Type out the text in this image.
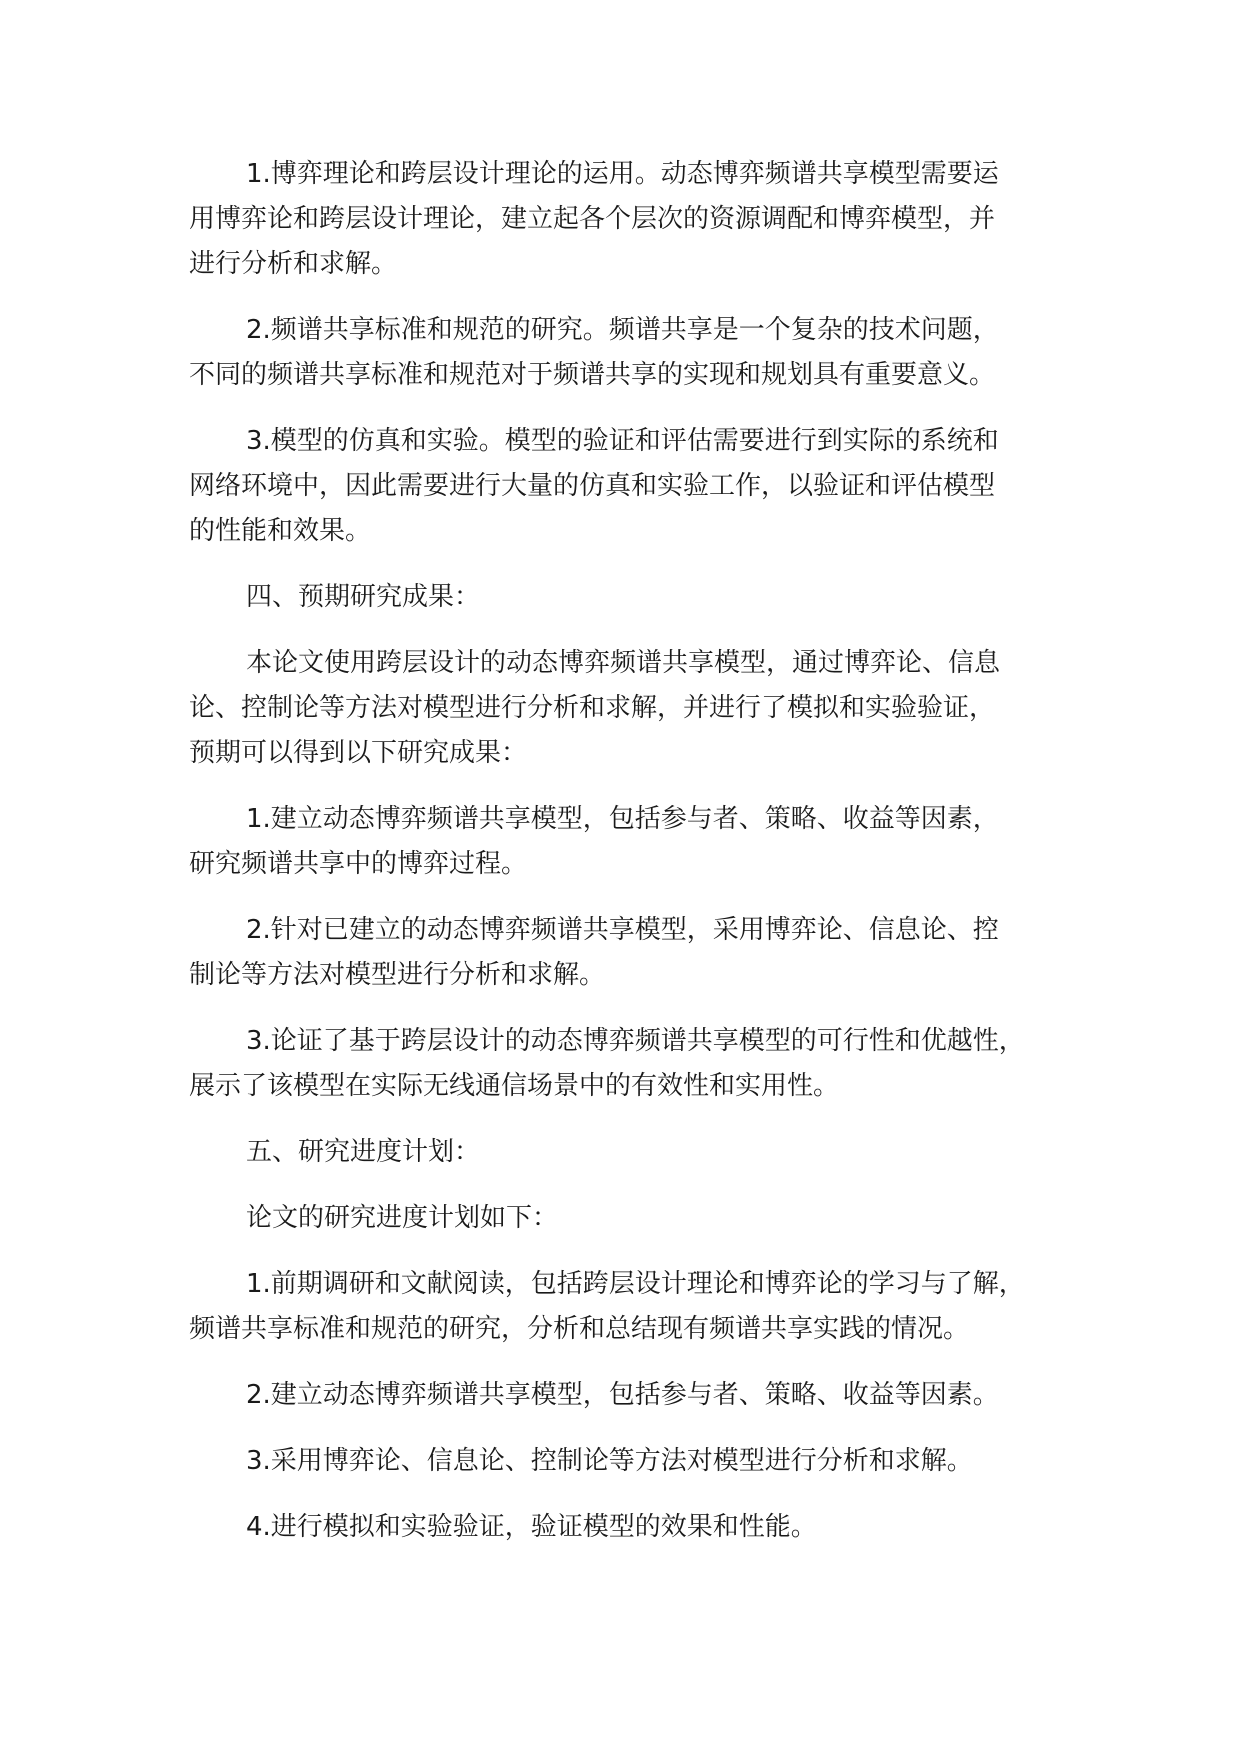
1.博弈理论和跨层设计理论的运用。动态博弈频谱共享模型需要运
用博弈论和跨层设计理论，建立起各个层次的资源调配和博弈模型，并
进行分析和求解。

2.频谱共享标准和规范的研究。频谱共享是一个复杂的技术问题，
不同的频谱共享标准和规范对于频谱共享的实现和规划具有重要意义。

3.模型的仿真和实验。模型的验证和评估需要进行到实际的系统和
网络环境中，因此需要进行大量的仿真和实验工作，以验证和评估模型
的性能和效果。

四、预期研究成果：

本论文使用跨层设计的动态博弈频谱共享模型，通过博弈论、信息
论、控制论等方法对模型进行分析和求解，并进行了模拟和实验验证，
预期可以得到以下研究成果：

1.建立动态博弈频谱共享模型，包括参与者、策略、收益等因素，
研究频谱共享中的博弈过程。

2.针对已建立的动态博弈频谱共享模型，采用博弈论、信息论、控
制论等方法对模型进行分析和求解。

3.论证了基于跨层设计的动态博弈频谱共享模型的可行性和优越性，
展示了该模型在实际无线通信场景中的有效性和实用性。

五、研究进度计划：

论文的研究进度计划如下：

1.前期调研和文献阅读，包括跨层设计理论和博弈论的学习与了解，
频谱共享标准和规范的研究，分析和总结现有频谱共享实践的情况。

2.建立动态博弈频谱共享模型，包括参与者、策略、收益等因素。

3.采用博弈论、信息论、控制论等方法对模型进行分析和求解。

4.进行模拟和实验验证，验证模型的效果和性能。
